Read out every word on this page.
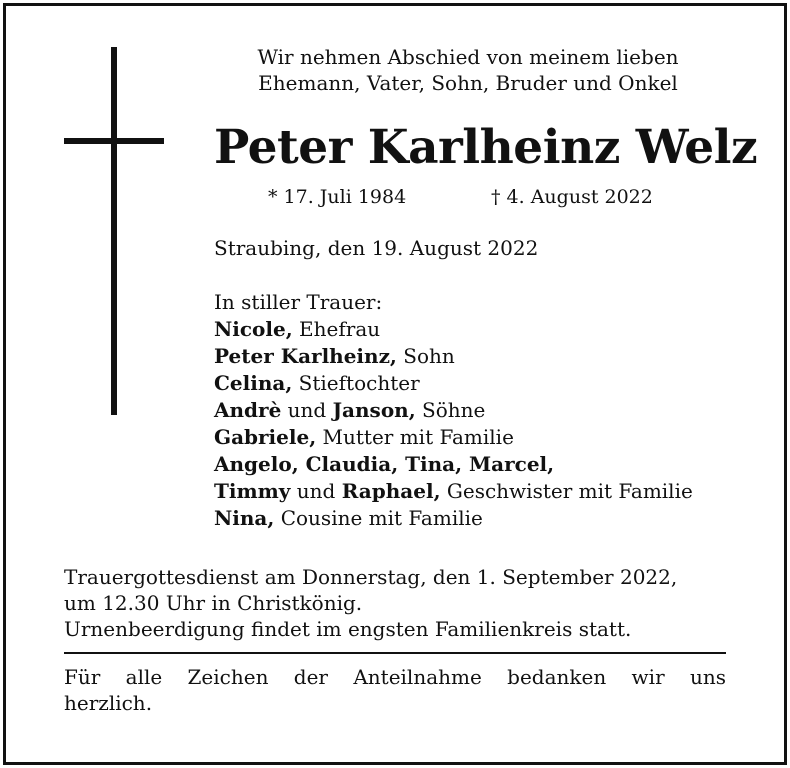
Wir nehmen Abschied von meinem lieben
Ehemann, Vater, Sohn, Bruder und Onkel
Peter Karlheinz Welz
* 17. Juli 1984	† 4. August 2022
Straubing, den 19. August 2022
In stiller Trauer:
Nicole, Ehefrau
Peter Karlheinz, Sohn
Celina, Stieftochter
Andrè und Janson, Söhne
Gabriele, Mutter mit Familie
Angelo, Claudia, Tina, Marcel,
Timmy und Raphael, Geschwister mit Familie
Nina, Cousine mit Familie
Trauergottesdienst am Donnerstag, den 1. September 2022,
um 12.30 Uhr in Christkönig.
Urnenbeerdigung findet im engsten Familienkreis statt.
Für alle Zeichen der Anteilnahme bedanken wir uns herzlich.
